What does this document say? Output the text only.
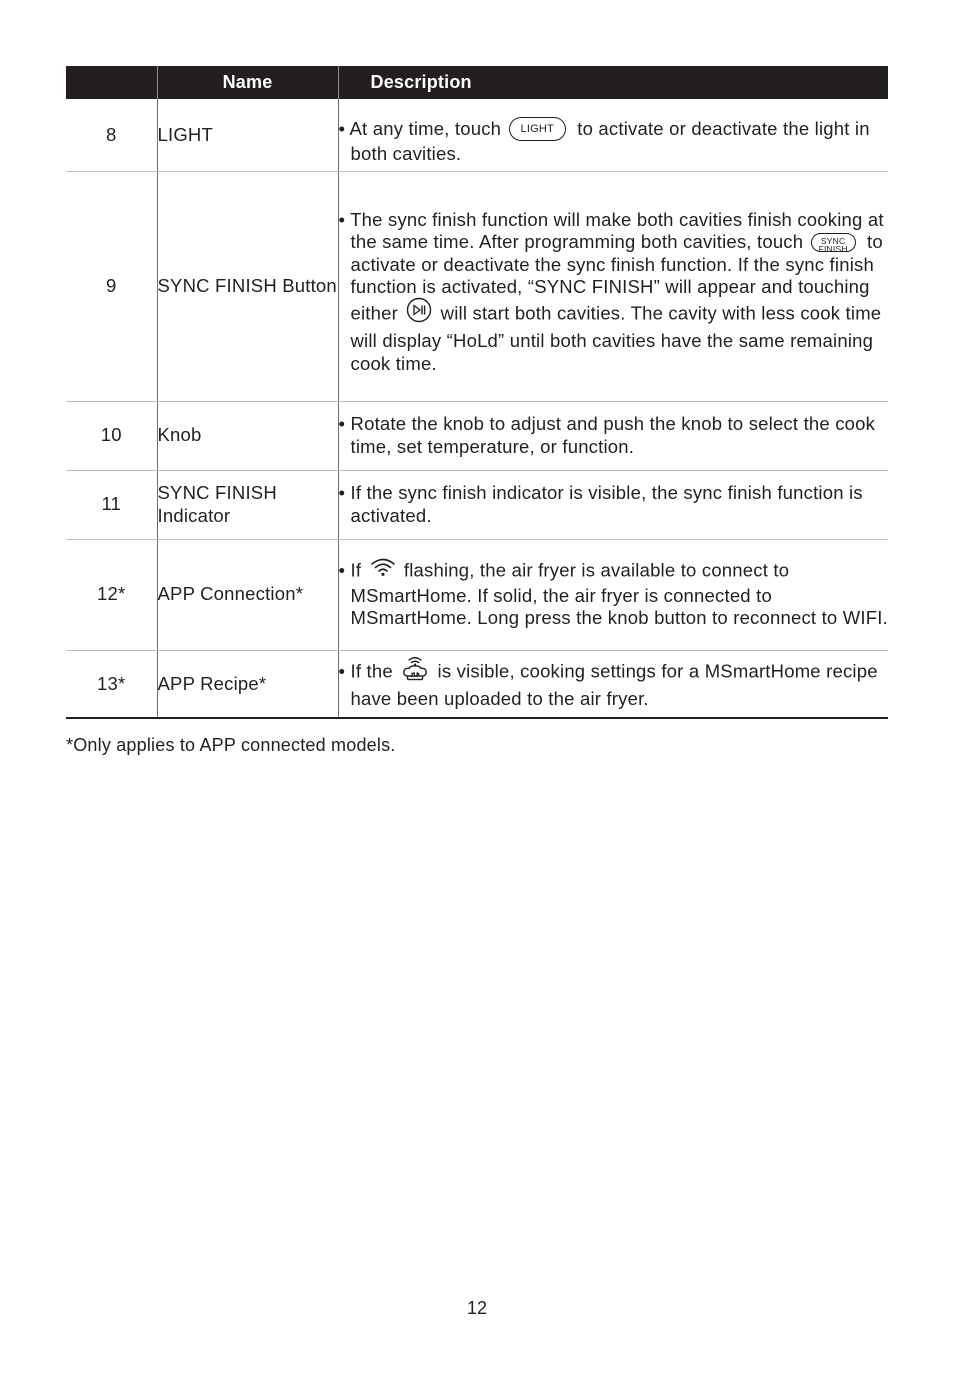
	Name	Description
8	LIGHT	• At any time, touch LIGHT to activate or deactivate the light in both cavities.

9	SYNC FINISH Button	• The sync finish function will make both cavities finish cooking at the same time. After programming both cavities, touch SYNC
FINISH to activate or deactivate the sync finish function. If the sync finish function is activated, “SYNC FINISH” will appear and touching either will start both cavities. The cavity with less cook time will display “HoLd” until both cavities have the same remaining cook time.

10	Knob	• Rotate the knob to adjust and push the knob to select the cook time, set temperature, or function.

11	SYNC FINISH Indicator	• If the sync finish indicator is visible, the sync finish function is activated.

12*	APP Connection*	• If flashing, the air fryer is available to connect to MSmartHome. If solid, the air fryer is connected to MSmartHome. Long press the knob button to reconnect to WIFI.

13*	APP Recipe*	• If the is visible, cooking settings for a MSmartHome recipe have been uploaded to the air fryer.
*Only applies to APP connected models.
12
